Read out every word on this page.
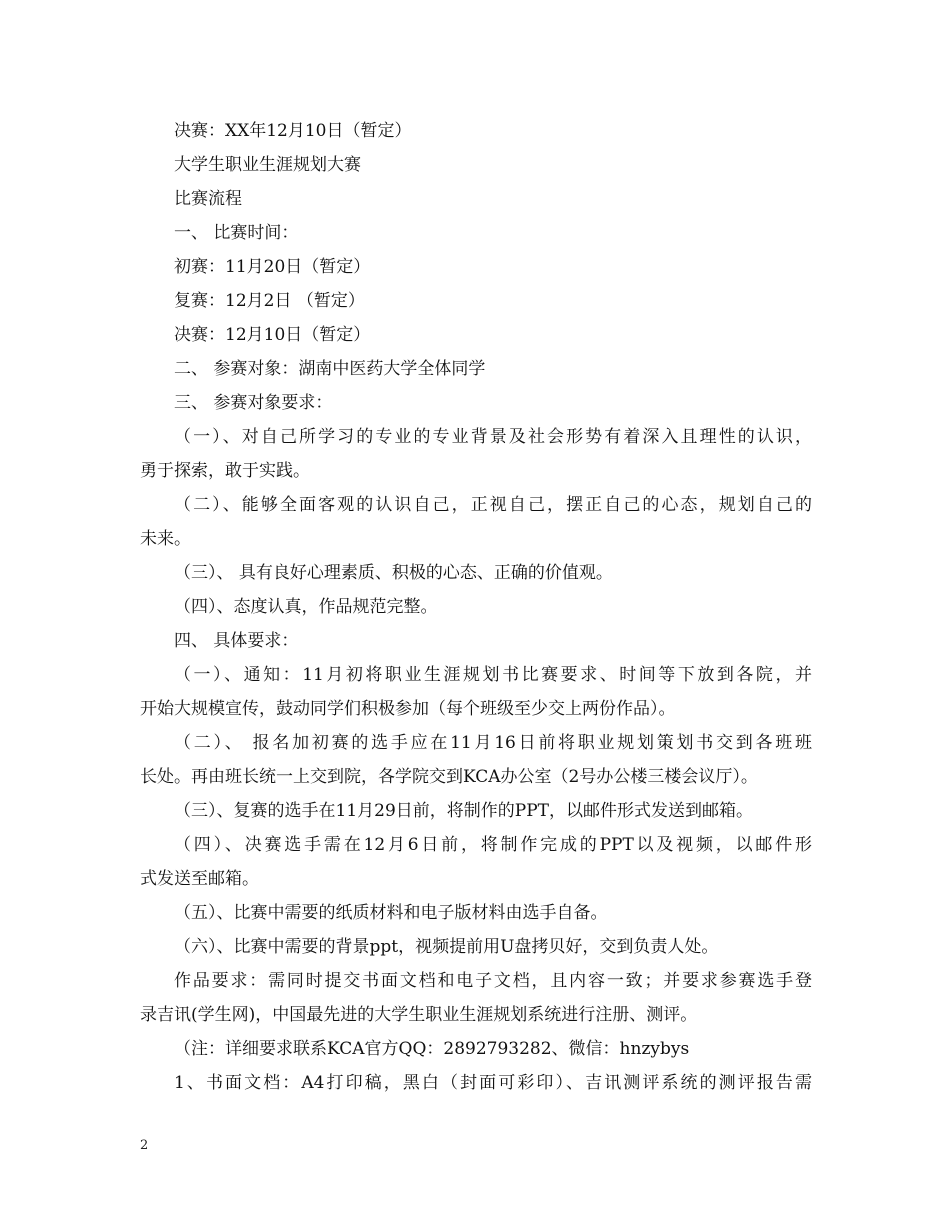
决赛：XX年12月10日（暂定）
大学生职业生涯规划大赛
比赛流程
一、 比赛时间：
初赛：11月20日（暂定）
复赛：12月2日 （暂定）
决赛：12月10日（暂定）
二、 参赛对象：湖南中医药大学全体同学
三、 参赛对象要求：
（一）、对自己所学习的专业的专业背景及社会形势有着深入且理性的认识，
勇于探索，敢于实践。
（二）、能够全面客观的认识自己，正视自己，摆正自己的心态，规划自己的
未来。
（三）、 具有良好心理素质、积极的心态、正确的价值观。
（四）、态度认真，作品规范完整。
四、 具体要求：
（一）、通知：11月初将职业生涯规划书比赛要求、时间等下放到各院，并
开始大规模宣传，鼓动同学们积极参加（每个班级至少交上两份作品）。
（二）、 报名加初赛的选手应在11月16日前将职业规划策划书交到各班班
长处。再由班长统一上交到院，各学院交到KCA办公室（2号办公楼三楼会议厅）。
（三）、复赛的选手在11月29日前，将制作的PPT，以邮件形式发送到邮箱。
（四）、决赛选手需在12月6日前，将制作完成的PPT以及视频，以邮件形
式发送至邮箱。
（五）、比赛中需要的纸质材料和电子版材料由选手自备。
（六）、比赛中需要的背景ppt，视频提前用U盘拷贝好，交到负责人处。
作品要求：需同时提交书面文档和电子文档，且内容一致；并要求参赛选手登
录吉讯(学生网)，中国最先进的大学生职业生涯规划系统进行注册、测评。
（注：详细要求联系KCA官方QQ：2892793282、微信：hnzybys
1、书面文档：A4打印稿，黑白（封面可彩印）、吉讯测评系统的测评报告需
2
